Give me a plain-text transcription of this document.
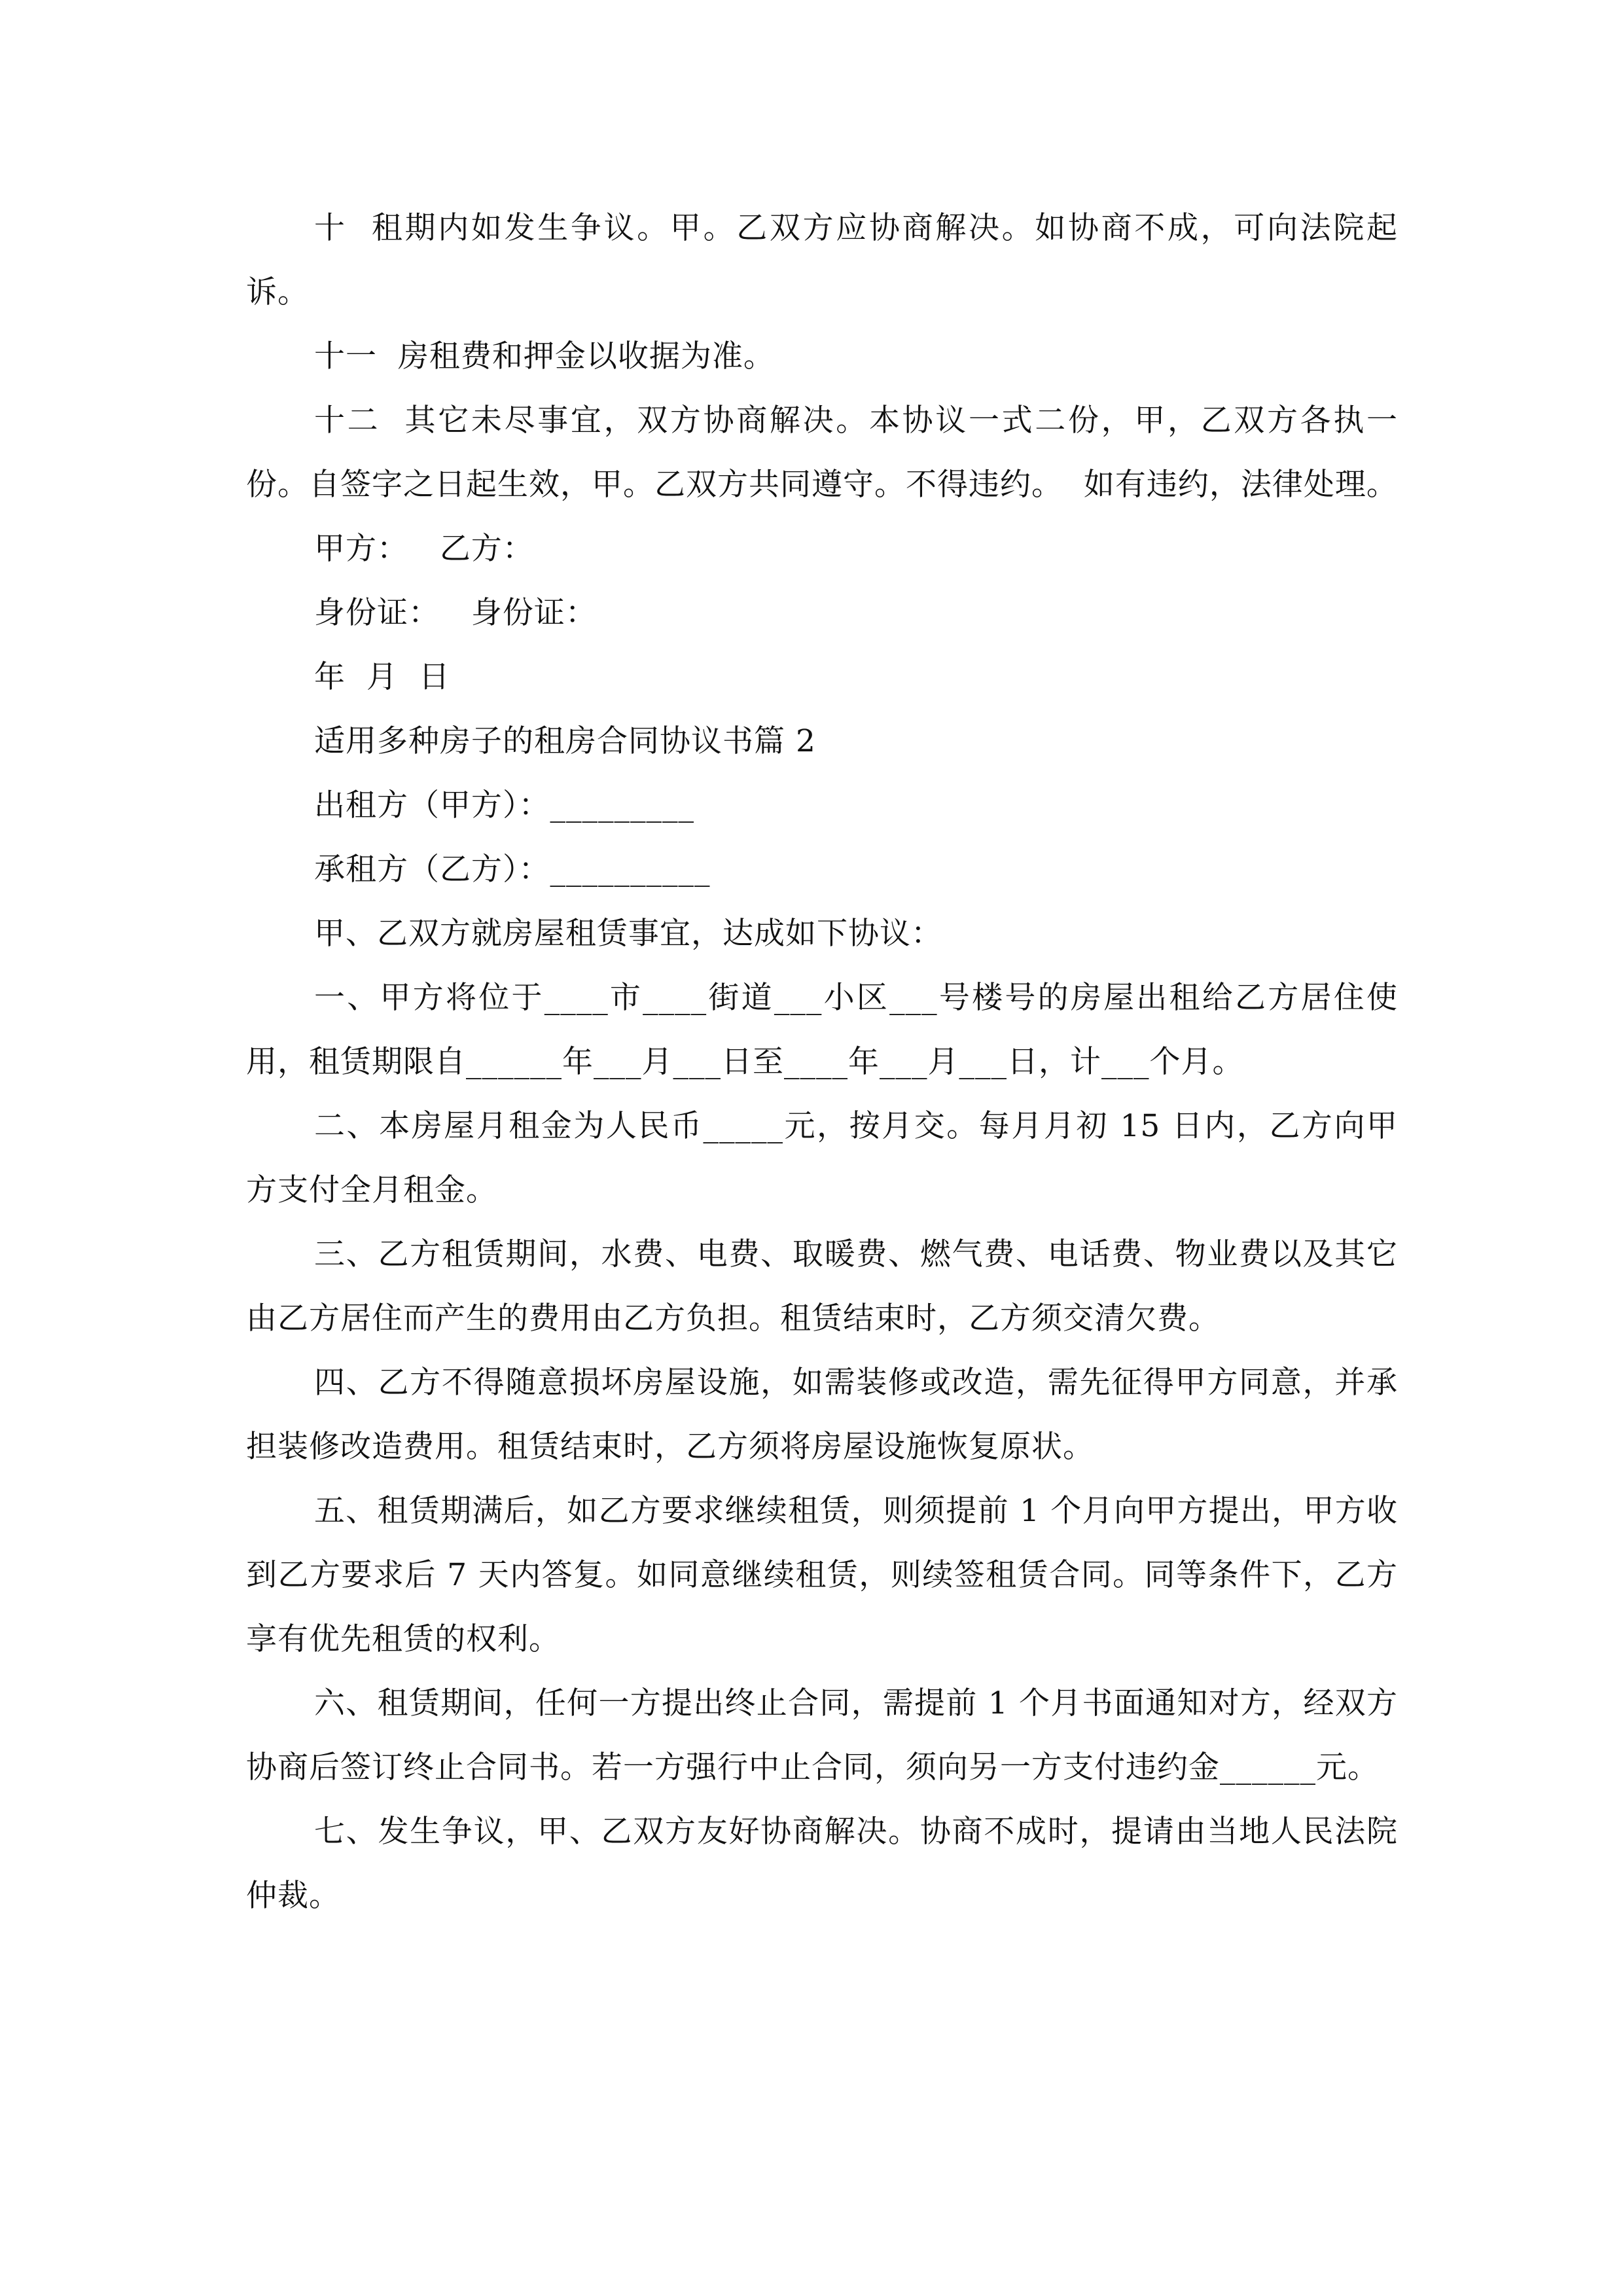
十  租期内如发生争议。甲。乙双方应协商解决。如协商不成，可向法院起诉。

十一  房租费和押金以收据为准。

十二  其它未尽事宜，双方协商解决。本协议一式二份，甲，乙双方各执一份。自签字之日起生效，甲。乙双方共同遵守。不得违约。  如有违约，法律处理。

甲方：   乙方：

身份证：   身份证：

年  月  日

适用多种房子的租房合同协议书篇 2

出租方（甲方）：_________

承租方（乙方）：__________

甲、乙双方就房屋租赁事宜，达成如下协议：

一、甲方将位于____市____街道___小区___号楼号的房屋出租给乙方居住使用，租赁期限自______年___月___日至____年___月___日，计___个月。

二、本房屋月租金为人民币_____元，按月交。每月月初 15 日内，乙方向甲方支付全月租金。

三、乙方租赁期间，水费、电费、取暖费、燃气费、电话费、物业费以及其它由乙方居住而产生的费用由乙方负担。租赁结束时，乙方须交清欠费。

四、乙方不得随意损坏房屋设施，如需装修或改造，需先征得甲方同意，并承担装修改造费用。租赁结束时，乙方须将房屋设施恢复原状。

五、租赁期满后，如乙方要求继续租赁，则须提前 1 个月向甲方提出，甲方收到乙方要求后 7 天内答复。如同意继续租赁，则续签租赁合同。同等条件下，乙方享有优先租赁的权利。

六、租赁期间，任何一方提出终止合同，需提前 1 个月书面通知对方，经双方协商后签订终止合同书。若一方强行中止合同，须向另一方支付违约金______元。

七、发生争议，甲、乙双方友好协商解决。协商不成时，提请由当地人民法院仲裁。
